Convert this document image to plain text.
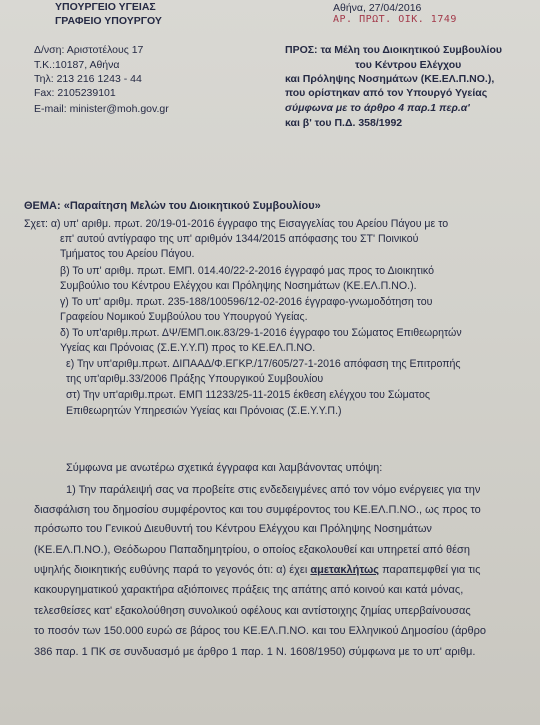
ΥΠΟΥΡΓΕΙΟ ΥΓΕΙΑΣ
ΓΡΑΦΕΙΟ ΥΠΟΥΡΓΟΥ
Αθήνα, 27/04/2016
ΑΡ. ΠΡΩΤ. ΟΙΚ. 1749
Δ/νση: Αριστοτέλους 17
Τ.Κ.:10187, Αθήνα
Τηλ: 213 216 1243 - 44
Fax: 2105239101
E-mail: minister@moh.gov.gr
ΠΡΟΣ: τα Μέλη του Διοικητικού Συμβουλίου
του Κέντρου Ελέγχου
και Πρόληψης Νοσημάτων (ΚΕ.ΕΛ.Π.ΝΟ.),
που ορίστηκαν από τον Υπουργό Υγείας
σύμφωνα με το άρθρο 4 παρ.1 περ.α'
και β' του Π.Δ. 358/1992
ΘΕΜΑ: «Παραίτηση Μελών του Διοικητικού Συμβουλίου»
Σχετ: α) υπ' αριθμ. πρωτ. 20/19-01-2016 έγγραφο της Εισαγγελίας του Αρείου Πάγου με το
επ' αυτού αντίγραφο της υπ' αριθμόν 1344/2015 απόφασης του ΣΤ' Ποινικού
Τμήματος του Αρείου Πάγου.
β) Το υπ' αριθμ. πρωτ. ΕΜΠ. 014.40/22-2-2016 έγγραφό μας προς το Διοικητικό
Συμβούλιο του Κέντρου Ελέγχου και Πρόληψης Νοσημάτων (ΚΕ.ΕΛ.Π.ΝΟ.).
γ) Το υπ' αριθμ. πρωτ. 235-188/100596/12-02-2016 έγγραφο-γνωμοδότηση του
Γραφείου Νομικού Συμβούλου του Υπουργού Υγείας.
δ) Το υπ'αριθμ.πρωτ. ΔΨ/ΕΜΠ.οικ.83/29-1-2016 έγγραφο του Σώματος Επιθεωρητών
Υγείας και Πρόνοιας (Σ.Ε.Υ.Υ.Π) προς το ΚΕ.ΕΛ.Π.ΝΟ.
ε) Την υπ'αριθμ.πρωτ. ΔΙΠΑΑΔ/Φ.ΕΓΚΡ./17/605/27-1-2016 απόφαση της Επιτροπής
της υπ'αριθμ.33/2006 Πράξης Υπουργικού Συμβουλίου
στ) Την υπ'αριθμ.πρωτ. ΕΜΠ 11233/25-11-2015 έκθεση ελέγχου του Σώματος
Επιθεωρητών Υπηρεσιών Υγείας και Πρόνοιας (Σ.Ε.Υ.Υ.Π.)
Σύμφωνα με ανωτέρω σχετικά έγγραφα και λαμβάνοντας υπόψη:
1) Την παράλειψή σας να προβείτε στις ενδεδειγμένες από τον νόμο ενέργειες για την
διασφάλιση του δημοσίου συμφέροντος και του συμφέροντος του ΚΕ.ΕΛ.Π.ΝΟ., ως προς το
πρόσωπο του Γενικού Διευθυντή του Κέντρου Ελέγχου και Πρόληψης Νοσημάτων
(ΚΕ.ΕΛ.Π.ΝΟ.), Θεόδωρου Παπαδημητρίου, ο οποίος εξακολουθεί και υπηρετεί από θέση
υψηλής διοικητικής ευθύνης παρά το γεγονός ότι: α) έχει αμετακλήτως παραπεμφθεί για τις
κακουργηματικού χαρακτήρα αξιόποινες πράξεις της απάτης από κοινού και κατά μόνας,
τελεσθείσες κατ' εξακολούθηση συνολικού οφέλους και αντίστοιχης ζημίας υπερβαίνουσας
το ποσόν των 150.000 ευρώ σε βάρος του ΚΕ.ΕΛ.Π.ΝΟ. και του Ελληνικού Δημοσίου (άρθρο
386 παρ. 1 ΠΚ σε συνδυασμό με άρθρο 1 παρ. 1 Ν. 1608/1950) σύμφωνα με το υπ' αριθμ.
